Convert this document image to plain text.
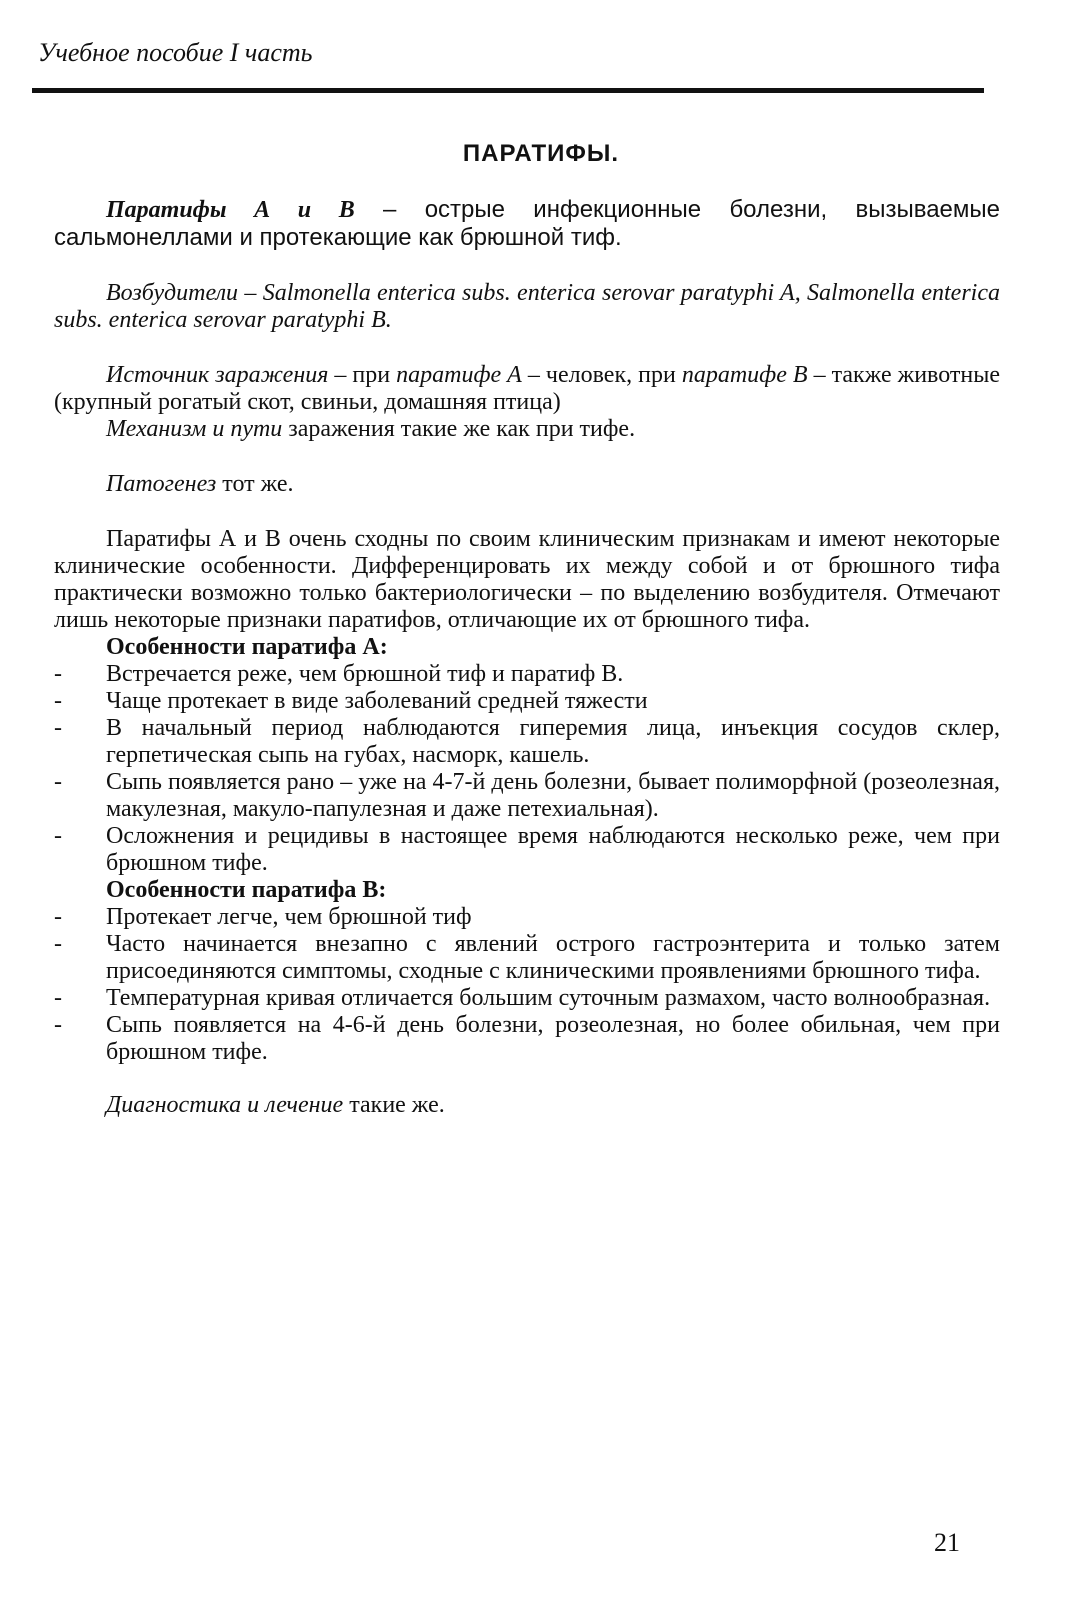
Учебное пособие I часть
ПАРАТИФЫ.

Паратифы А и В – острые инфекционные болезни, вызываемые сальмонеллами и протекающие как брюшной тиф.

Возбудители – Salmonella enterica subs. enterica serovar paratyphi A, Salmonella enterica subs. enterica serovar paratyphi B.

Источник заражения – при паратифе А – человек, при паратифе В – также животные (крупный рогатый скот, свиньи, домашняя птица)

Механизм и пути заражения такие же как при тифе.

Патогенез тот же.

Паратифы А и В очень сходны по своим клиническим признакам и имеют некоторые клинические особенности. Дифференцировать их между собой и от брюшного тифа практически возможно только бактериологически – по выделению возбудителя. Отмечают лишь некоторые признаки паратифов, отличающие их от брюшного тифа.

Особенности паратифа А:

- Встречается реже, чем брюшной тиф и паратиф В.
- Чаще протекает в виде заболеваний средней тяжести
- В начальный период наблюдаются гиперемия лица, инъекция сосудов склер, герпетическая сыпь на губах, насморк, кашель.
- Сыпь появляется рано – уже на 4-7-й день болезни, бывает полиморфной (розеолезная, макулезная, макуло-папулезная и даже петехиальная).
- Осложнения и рецидивы в настоящее время наблюдаются несколько реже, чем при брюшном тифе.

Особенности паратифа В:

- Протекает легче, чем брюшной тиф
- Часто начинается внезапно с явлений острого гастроэнтерита и только затем присоединяются симптомы, сходные с клиническими проявлениями брюшного тифа.
- Температурная кривая отличается большим суточным размахом, часто волнообразная.
- Сыпь появляется на 4-6-й день болезни, розеолезная, но более обильная, чем при брюшном тифе.

Диагностика и лечение такие же.

21
